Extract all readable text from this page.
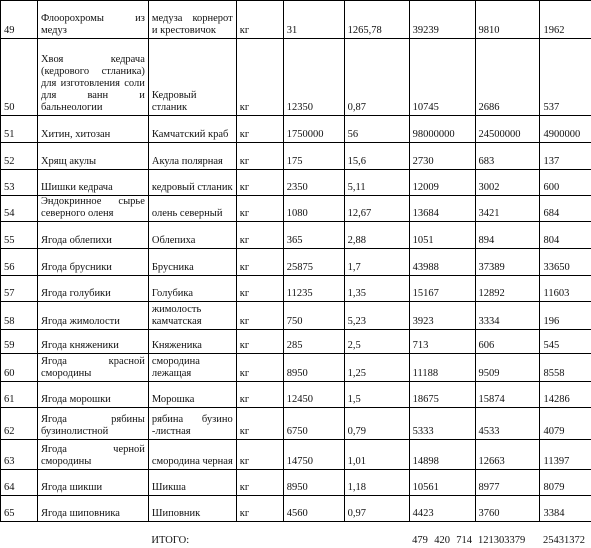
49	Флоорохромы из медуз	медуза корнерот и крестовичок	кг	31	1265,78	39239	9810	1962
50	Хвоя кедрача (кедрового стланика) для изготовления соли для ванн и бальнеологии	Кедровый стланик	кг	12350	0,87	10745	2686	537
51	Хитин, хитозан	Камчатский краб	кг	1750000	56	98000000	24500000	4900000
52	Хрящ акулы	Акула полярная	кг	175	15,6	2730	683	137
53	Шишки кедрача	кедровый стланик	кг	2350	5,11	12009	3002	600
54	Эндокринное сырье северного оленя	олень северный	кг	1080	12,67	13684	3421	684
55	Ягода облепихи	Облепиха	кг	365	2,88	1051	894	804
56	Ягода брусники	Брусника	кг	25875	1,7	43988	37389	33650
57	Ягода голубики	Голубика	кг	11235	1,35	15167	12892	11603
58	Ягода жимолости	жимолость камчатская	кг	750	5,23	3923	3334	196
59	Ягода княженики	Княженика	кг	285	2,5	713	606	545
60	Ягода красной смородины	смородина лежащая	кг	8950	1,25	11188	9509	8558
61	Ягода морошки	Морошка	кг	12450	1,5	18675	15874	14286
62	Ягода рябины бузинолистной	рябина бузино -листная	кг	6750	0,79	5333	4533	4079
63	Ягода черной смородины	смородина черная	кг	14750	1,01	14898	12663	11397
64	Ягода шикши	Шикша	кг	8950	1,18	10561	8977	8079
65	Ягода шиповника	Шиповник	кг	4560	0,97	4423	3760	3384
		ИТОГО:				479 420 714	121303379	25431372
